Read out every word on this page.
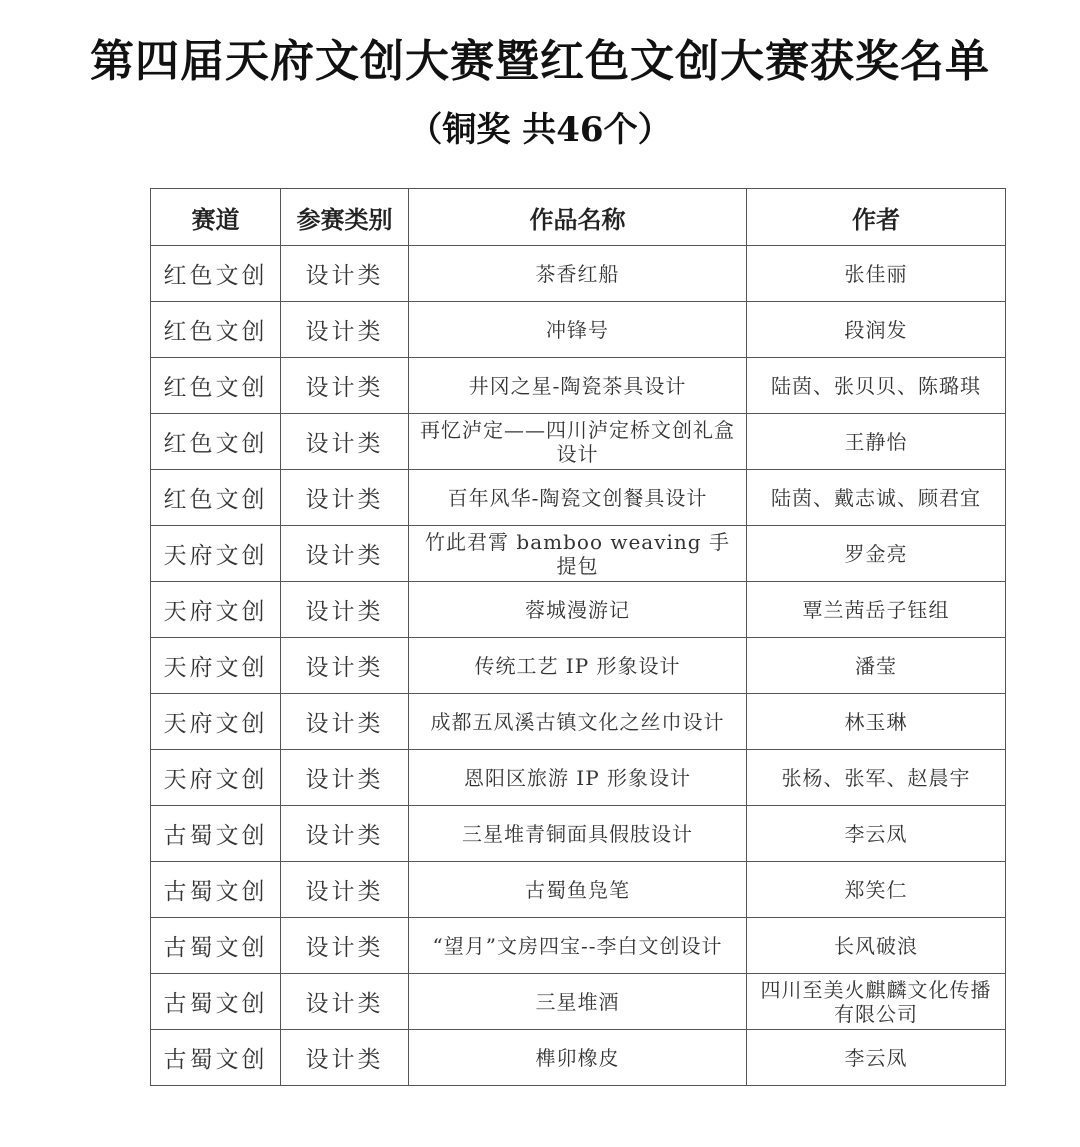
第四届天府文创大赛暨红色文创大赛获奖名单
（铜奖 共46个）
赛道	参赛类别	作品名称	作者
红色文创	设计类	茶香红船	张佳丽
红色文创	设计类	冲锋号	段润发
红色文创	设计类	井冈之星-陶瓷茶具设计	陆茵、张贝贝、陈璐琪
红色文创	设计类	再忆泸定——四川泸定桥文创礼盒设计	王静怡
红色文创	设计类	百年风华-陶瓷文创餐具设计	陆茵、戴志诚、顾君宜
天府文创	设计类	竹此君霄 bamboo weaving 手提包	罗金亮
天府文创	设计类	蓉城漫游记	覃兰茜岳子钰组
天府文创	设计类	传统工艺 IP 形象设计	潘莹
天府文创	设计类	成都五凤溪古镇文化之丝巾设计	林玉琳
天府文创	设计类	恩阳区旅游 IP 形象设计	张杨、张军、赵晨宇
古蜀文创	设计类	三星堆青铜面具假肢设计	李云凤
古蜀文创	设计类	古蜀鱼凫笔	郑笑仁
古蜀文创	设计类	“望月”文房四宝--李白文创设计	长风破浪
古蜀文创	设计类	三星堆酒	四川至美火麒麟文化传播有限公司
古蜀文创	设计类	榫卯橡皮	李云凤
